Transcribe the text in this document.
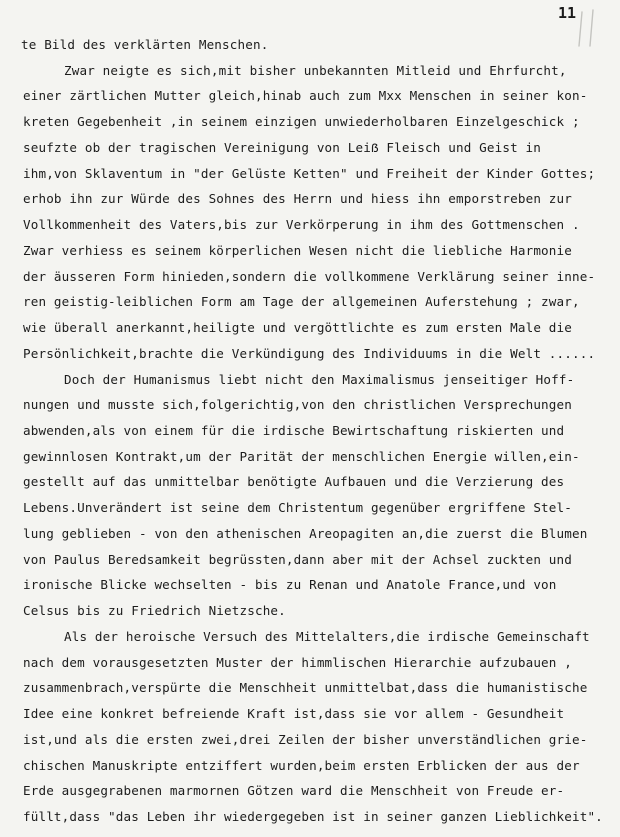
11
te Bild des verklärten Menschen.
Zwar neigte es sich,mit bisher unbekannten Mitleid und Ehrfurcht,
einer zärtlichen Mutter gleich,hinab auch zum Mxx Menschen in seiner kon-
kreten Gegebenheit ,in seinem einzigen unwiederholbaren Einzelgeschick ;
seufzte ob der tragischen Vereinigung von Leiẞ Fleisch und Geist in
ihm,von Sklaventum in "der Gelüste Ketten" und Freiheit der Kinder Gottes;
erhob ihn zur Würde des Sohnes des Herrn und hiess ihn emporstreben zur
Vollkommenheit des Vaters,bis zur Verkörperung in ihm des Gottmenschen .
Zwar verhiess es seinem körperlichen Wesen nicht die liebliche Harmonie
der äusseren Form hinieden,sondern die vollkommene Verklärung seiner inne-
ren geistig-leiblichen Form am Tage der allgemeinen Auferstehung ; zwar,
wie überall anerkannt,heiligte und vergöttlichte es zum ersten Male die
Persönlichkeit,brachte die Verkündigung des Individuums in die Welt ......
Doch der Humanismus liebt nicht den Maximalismus jenseitiger Hoff-
nungen und musste sich,folgerichtig,von den christlichen Versprechungen
abwenden,als von einem für die irdische Bewirtschaftung riskierten und
gewinnlosen Kontrakt,um der Parität der menschlichen Energie willen,ein-
gestellt auf das unmittelbar benötigte Aufbauen und die Verzierung des
Lebens.Unverändert ist seine dem Christentum gegenüber ergriffene Stel-
lung geblieben - von den athenischen Areopagiten an,die zuerst die Blumen
von Paulus Beredsamkeit begrüssten,dann aber mit der Achsel zuckten und
ironische Blicke wechselten - bis zu Renan und Anatole France,und von
Celsus bis zu Friedrich Nietzsche.
Als der heroische Versuch des Mittelalters,die irdische Gemeinschaft
nach dem vorausgesetzten Muster der himmlischen Hierarchie aufzubauen ,
zusammenbrach,verspürte die Menschheit unmittelbat,dass die humanistische
Idee eine konkret befreiende Kraft ist,dass sie vor allem - Gesundheit
ist,und als die ersten zwei,drei Zeilen der bisher unverständlichen grie-
chischen Manuskripte entziffert wurden,beim ersten Erblicken der aus der
Erde ausgegrabenen marmornen Götzen ward die Menschheit von Freude er-
füllt,dass "das Leben ihr wiedergegeben ist in seiner ganzen Lieblichkeit".
